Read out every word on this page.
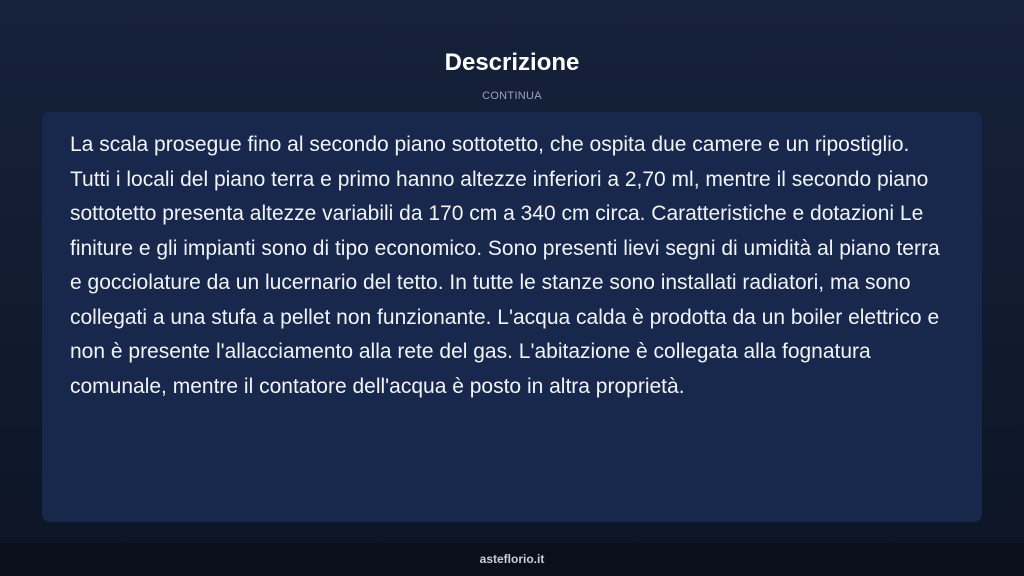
Descrizione
CONTINUA

La scala prosegue fino al secondo piano sottotetto, che ospita due camere e un ripostiglio. Tutti i locali del piano terra e primo hanno altezze inferiori a 2,70 ml, mentre il secondo piano sottotetto presenta altezze variabili da 170 cm a 340 cm circa. Caratteristiche e dotazioni Le finiture e gli impianti sono di tipo economico. Sono presenti lievi segni di umidità al piano terra e gocciolature da un lucernario del tetto. In tutte le stanze sono installati radiatori, ma sono collegati a una stufa a pellet non funzionante. L'acqua calda è prodotta da un boiler elettrico e non è presente l'allacciamento alla rete del gas. L'abitazione è collegata alla fognatura comunale, mentre il contatore dell'acqua è posto in altra proprietà.

asteflorio.it
